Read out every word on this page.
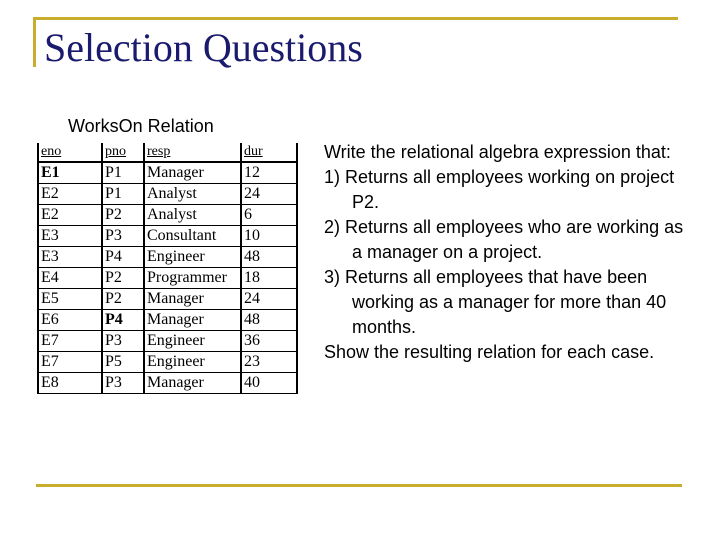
Selection Questions
WorksOn Relation
eno	pno	resp	dur
E1	P1	Manager	12
E2	P1	Analyst	24
E2	P2	Analyst	6
E3	P3	Consultant	10
E3	P4	Engineer	48
E4	P2	Programmer	18
E5	P2	Manager	24
E6	P4	Manager	48
E7	P3	Engineer	36
E7	P5	Engineer	23
E8	P3	Manager	40

Write the relational algebra expression that:

1) Returns all employees working on project P2.

2) Returns all employees who are working as a manager on a project.

3) Returns all employees that have been working as a manager for more than 40 months.

Show the resulting relation for each case.
